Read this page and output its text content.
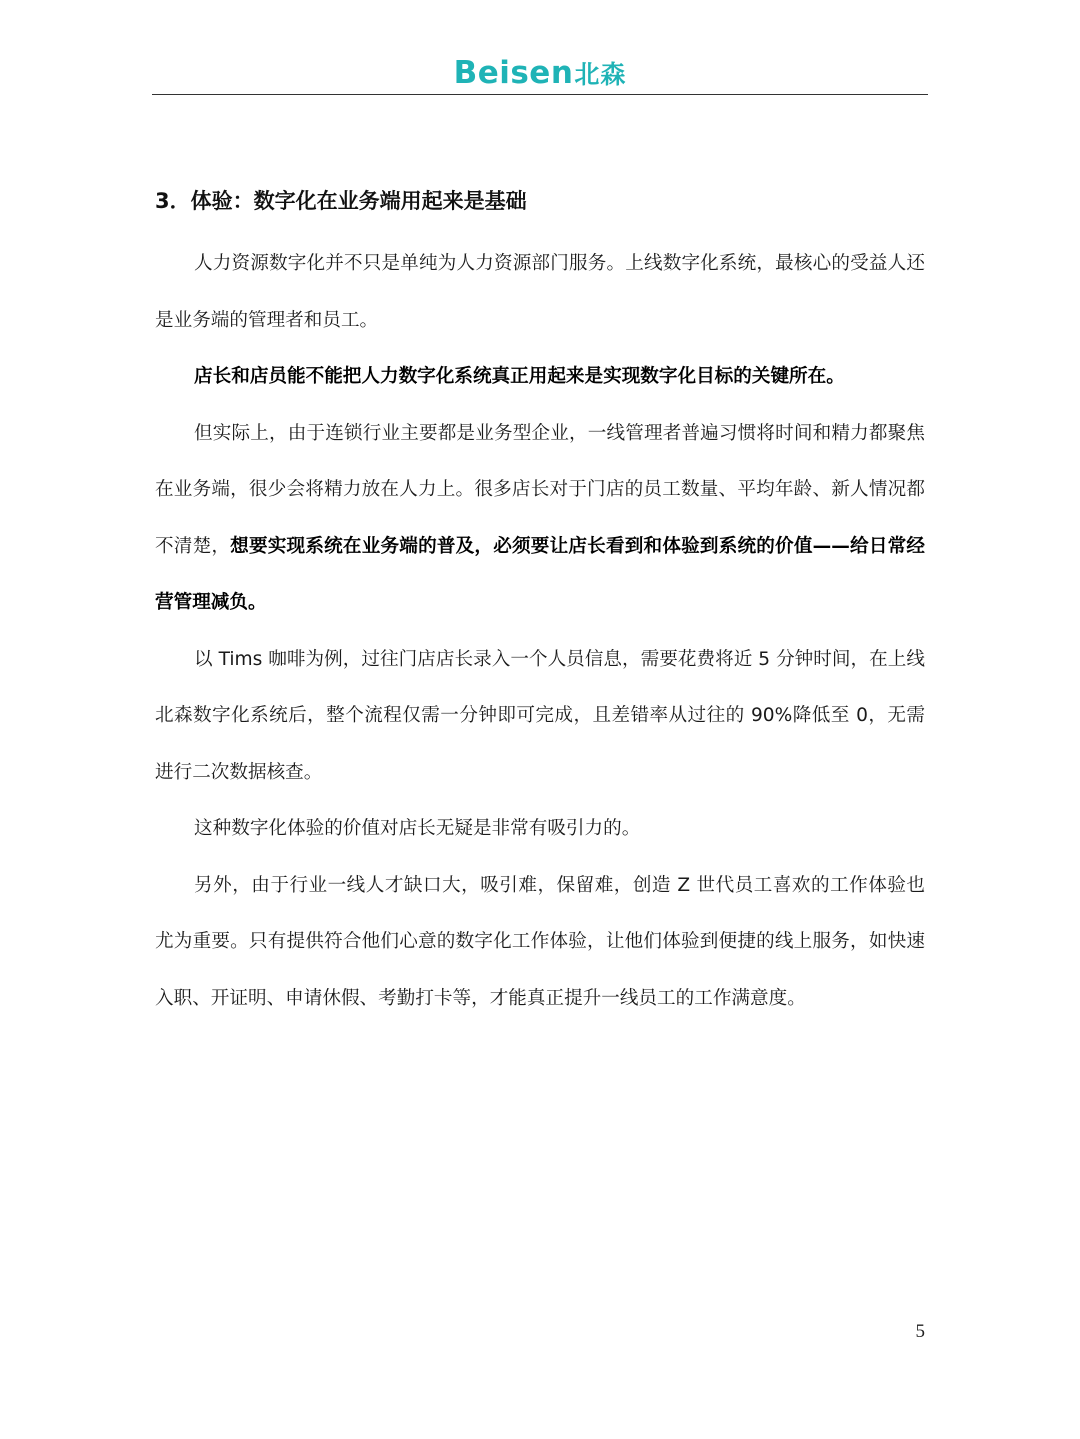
Beisen北森
3．体验：数字化在业务端用起来是基础

人力资源数字化并不只是单纯为人力资源部门服务。上线数字化系统，最核心的受益人还是业务端的管理者和员工。

店长和店员能不能把人力数字化系统真正用起来是实现数字化目标的关键所在。

但实际上，由于连锁行业主要都是业务型企业，一线管理者普遍习惯将时间和精力都聚焦在业务端，很少会将精力放在人力上。很多店长对于门店的员工数量、平均年龄、新人情况都不清楚，想要实现系统在业务端的普及，必须要让店长看到和体验到系统的价值——给日常经营管理减负。

以 Tims 咖啡为例，过往门店店长录入一个人员信息，需要花费将近 5 分钟时间，在上线北森数字化系统后，整个流程仅需一分钟即可完成，且差错率从过往的 90%降低至 0，无需进行二次数据核查。

这种数字化体验的价值对店长无疑是非常有吸引力的。

另外，由于行业一线人才缺口大，吸引难，保留难，创造 Z 世代员工喜欢的工作体验也尤为重要。只有提供符合他们心意的数字化工作体验，让他们体验到便捷的线上服务，如快速入职、开证明、申请休假、考勤打卡等，才能真正提升一线员工的工作满意度。

5
